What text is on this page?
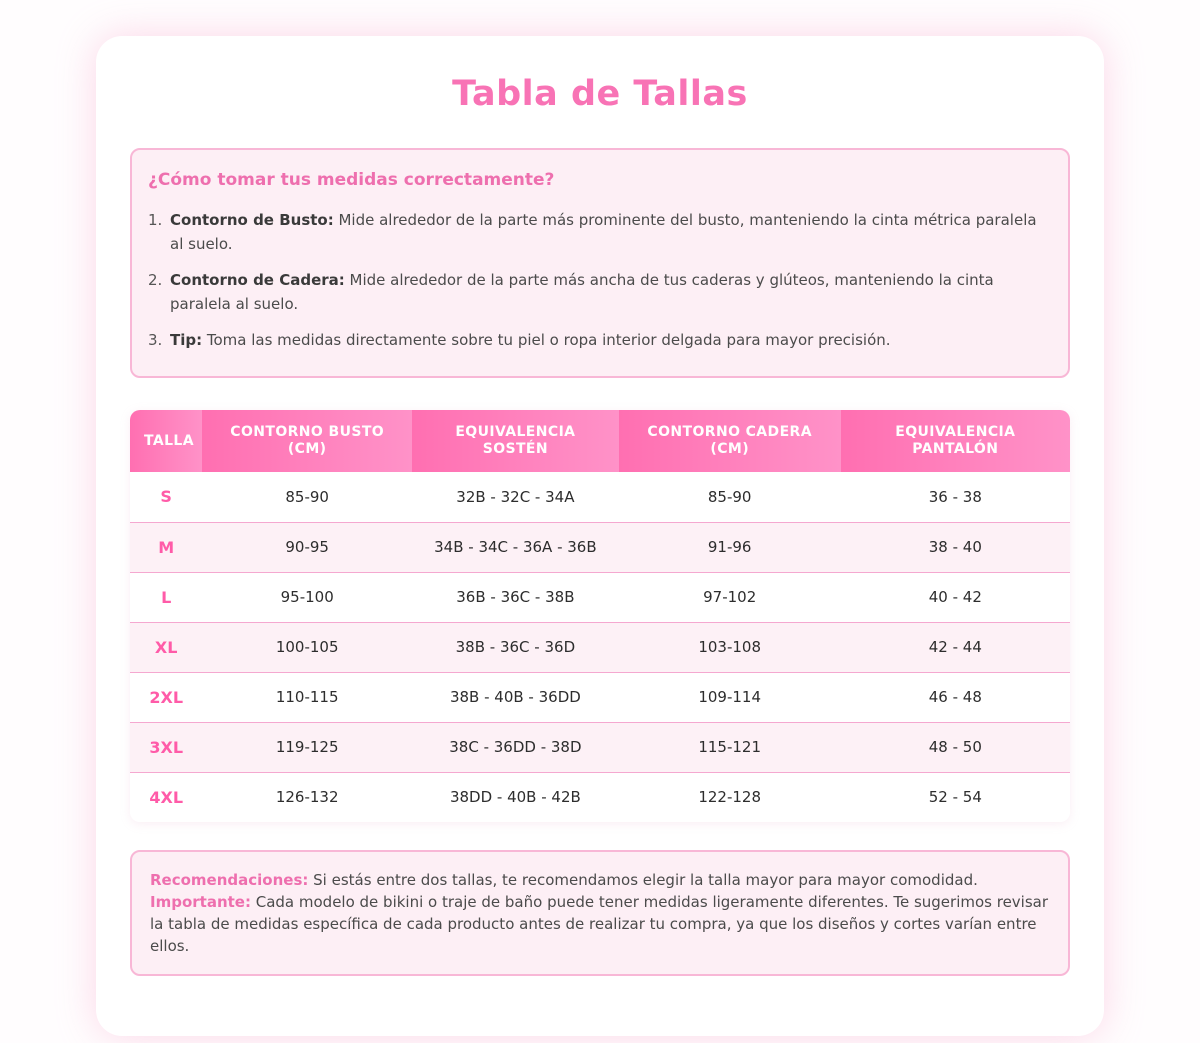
Tabla de Tallas
¿Cómo tomar tus medidas correctamente?
1. Contorno de Busto: Mide alrededor de la parte más prominente del busto, manteniendo la cinta métrica paralela al suelo.
2. Contorno de Cadera: Mide alrededor de la parte más ancha de tus caderas y glúteos, manteniendo la cinta paralela al suelo.
3. Tip: Toma las medidas directamente sobre tu piel o ropa interior delgada para mayor precisión.
TALLA	CONTORNO BUSTO (CM)	EQUIVALENCIA SOSTÉN	CONTORNO CADERA (CM)	EQUIVALENCIA PANTALÓN
S	85-90	32B - 32C - 34A	85-90	36 - 38
M	90-95	34B - 34C - 36A - 36B	91-96	38 - 40
L	95-100	36B - 36C - 38B	97-102	40 - 42
XL	100-105	38B - 36C - 36D	103-108	42 - 44
2XL	110-115	38B - 40B - 36DD	109-114	46 - 48
3XL	119-125	38C - 36DD - 38D	115-121	48 - 50
4XL	126-132	38DD - 40B - 42B	122-128	52 - 54

Recomendaciones: Si estás entre dos tallas, te recomendamos elegir la talla mayor para mayor comodidad.

Importante: Cada modelo de bikini o traje de baño puede tener medidas ligeramente diferentes. Te sugerimos revisar la tabla de medidas específica de cada producto antes de realizar tu compra, ya que los diseños y cortes varían entre ellos.
